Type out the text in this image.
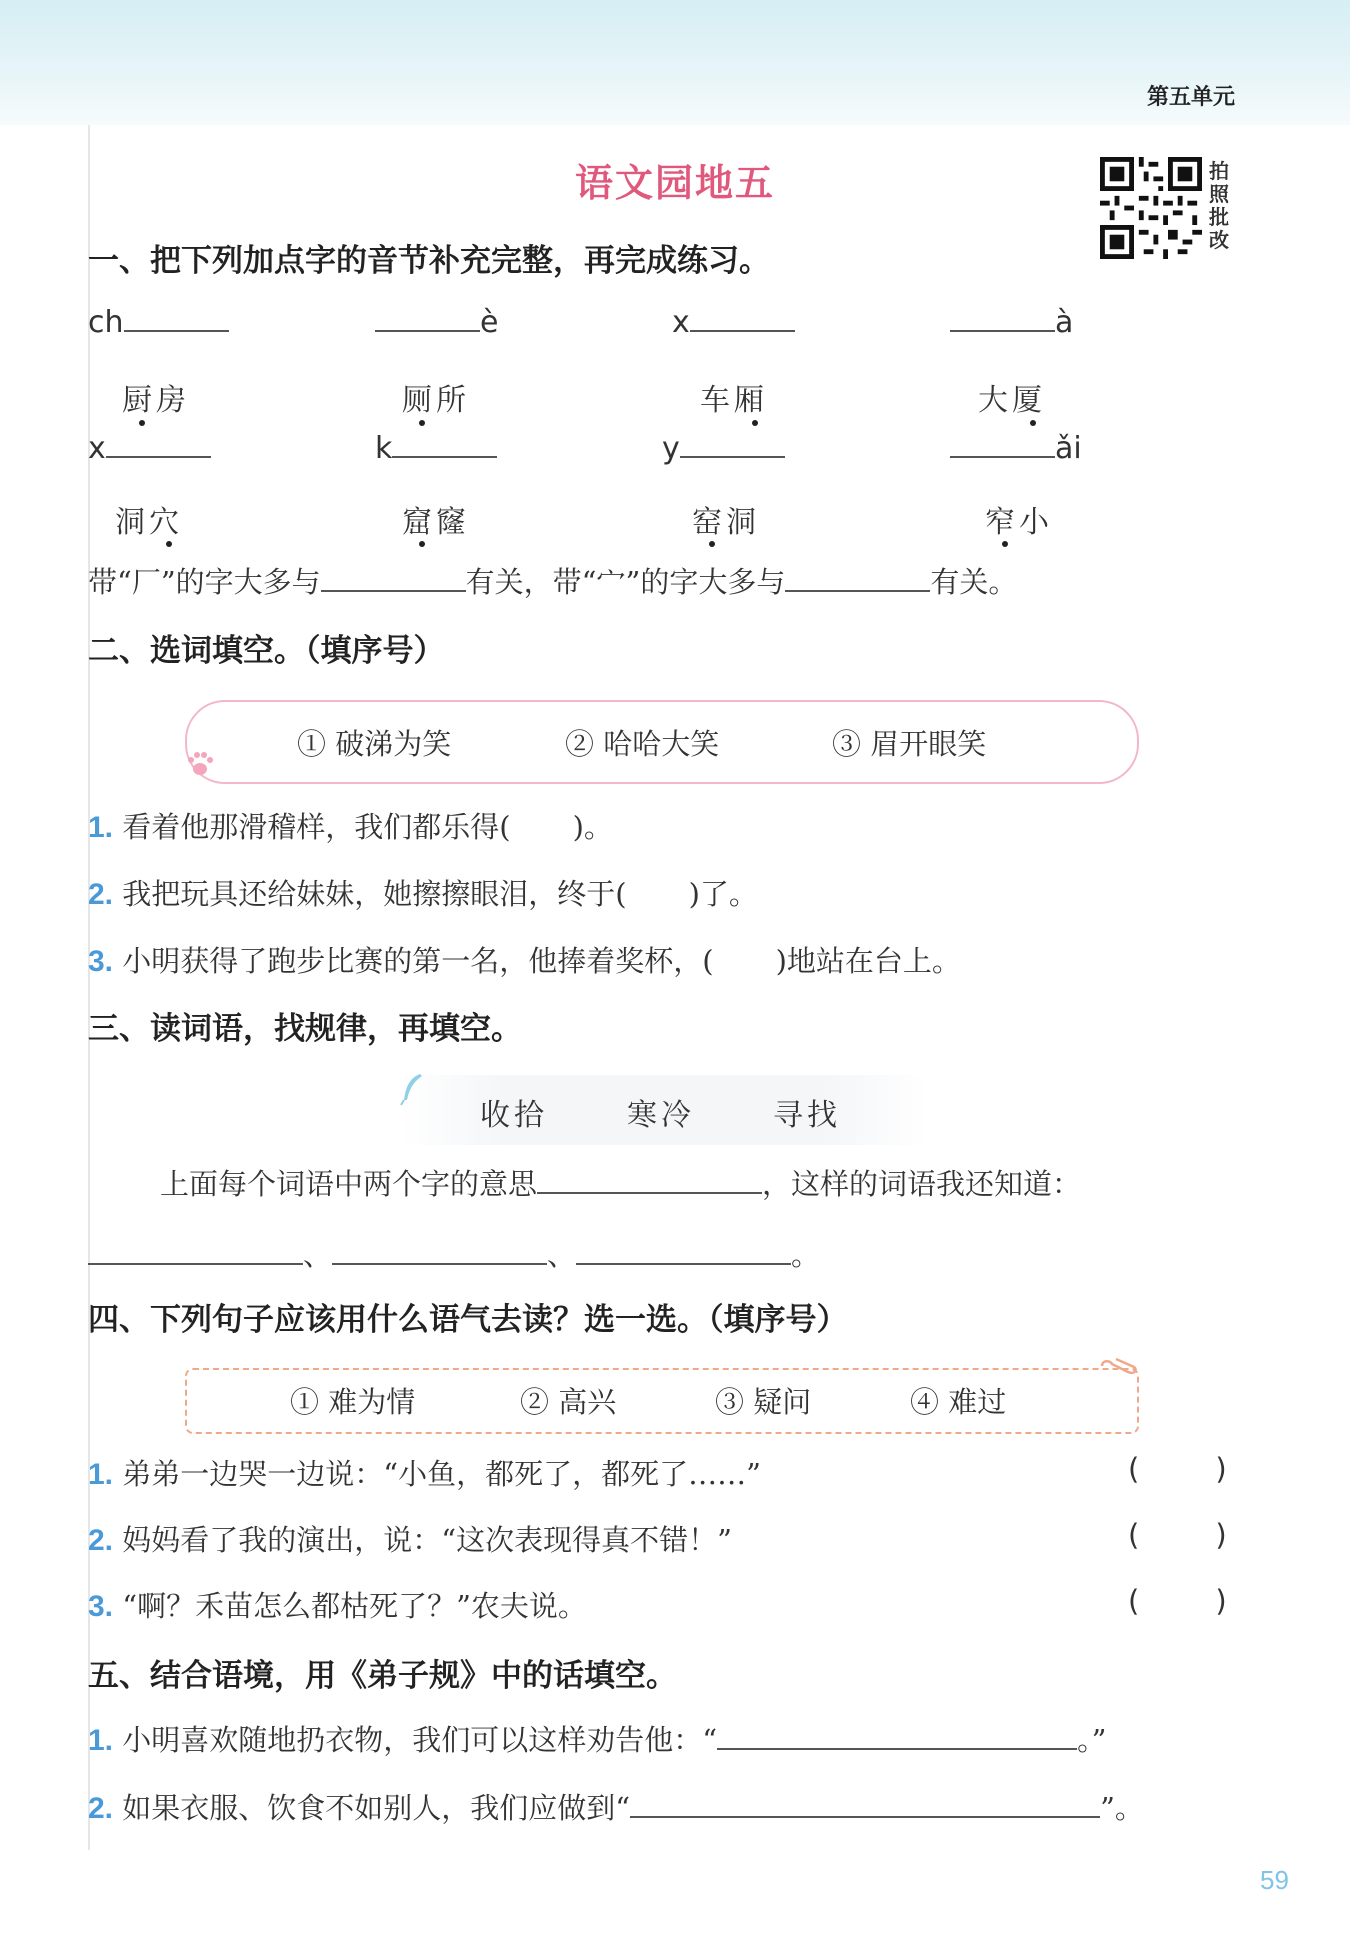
第五单元
语文园地五	拍照批改
一、把下列加点字的音节补充完整，再完成练习。
ch	è	x	à
厨房	厕所	车厢	大厦
x	k	y	ǎi
洞穴	窟窿	窑洞	窄小
带“厂”的字大多与	有关，带“宀”的字大多与	有关。
二、选词填空。（填序号）
① 破涕为笑	② 哈哈大笑	③ 眉开眼笑
1. 看着他那滑稽样，我们都乐得( )。
2. 我把玩具还给妹妹，她擦擦眼泪，终于( )了。
3. 小明获得了跑步比赛的第一名，他捧着奖杯，( )地站在台上。
三、读词语，找规律，再填空。
收拾	寒冷	寻找
上面每个词语中两个字的意思	，这样的词语我还知道：
、	、	。
四、下列句子应该用什么语气去读？选一选。（填序号）
① 难为情	② 高兴	③ 疑问	④ 难过
1. 弟弟一边哭一边说：“小鱼，都死了，都死了……”	(	)
2. 妈妈看了我的演出，说：“这次表现得真不错！”	(	)
3. “啊？禾苗怎么都枯死了？”农夫说。	(	)
五、结合语境，用《弟子规》中的话填空。
1. 小明喜欢随地扔衣物，我们可以这样劝告他：“	。”
2. 如果衣服、饮食不如别人，我们应做到“	”。
59
